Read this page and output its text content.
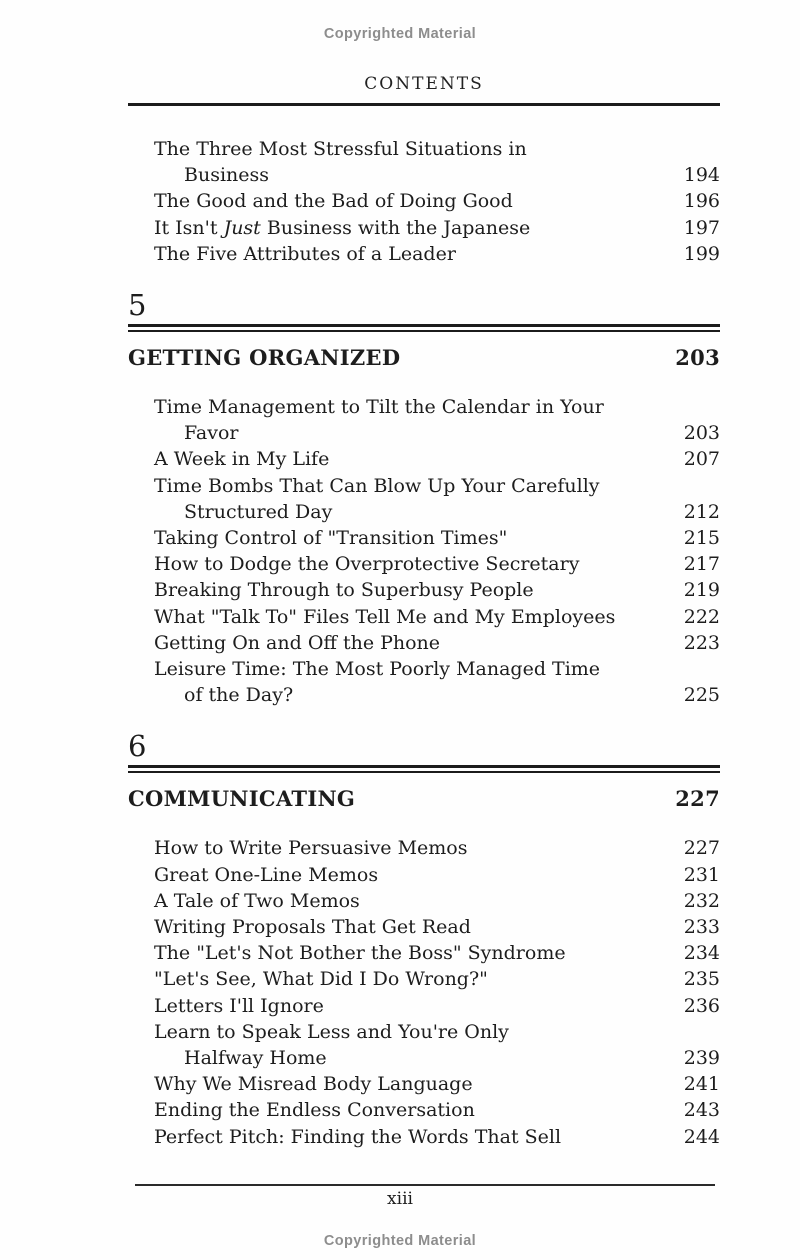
Copyrighted Material
CONTENTS
The Three Most Stressful Situations in
Business	194
The Good and the Bad of Doing Good	196
It Isn't Just Business with the Japanese	197
The Five Attributes of a Leader	199
5
GETTING ORGANIZED	203
Time Management to Tilt the Calendar in Your
Favor	203
A Week in My Life	207
Time Bombs That Can Blow Up Your Carefully
Structured Day	212
Taking Control of "Transition Times"	215
How to Dodge the Overprotective Secretary	217
Breaking Through to Superbusy People	219
What "Talk To" Files Tell Me and My Employees	222
Getting On and Off the Phone	223
Leisure Time: The Most Poorly Managed Time
of the Day?	225
6
COMMUNICATING	227
How to Write Persuasive Memos	227
Great One-Line Memos	231
A Tale of Two Memos	232
Writing Proposals That Get Read	233
The "Let's Not Bother the Boss" Syndrome	234
"Let's See, What Did I Do Wrong?"	235
Letters I'll Ignore	236
Learn to Speak Less and You're Only
Halfway Home	239
Why We Misread Body Language	241
Ending the Endless Conversation	243
Perfect Pitch: Finding the Words That Sell	244
xiii
Copyrighted Material
